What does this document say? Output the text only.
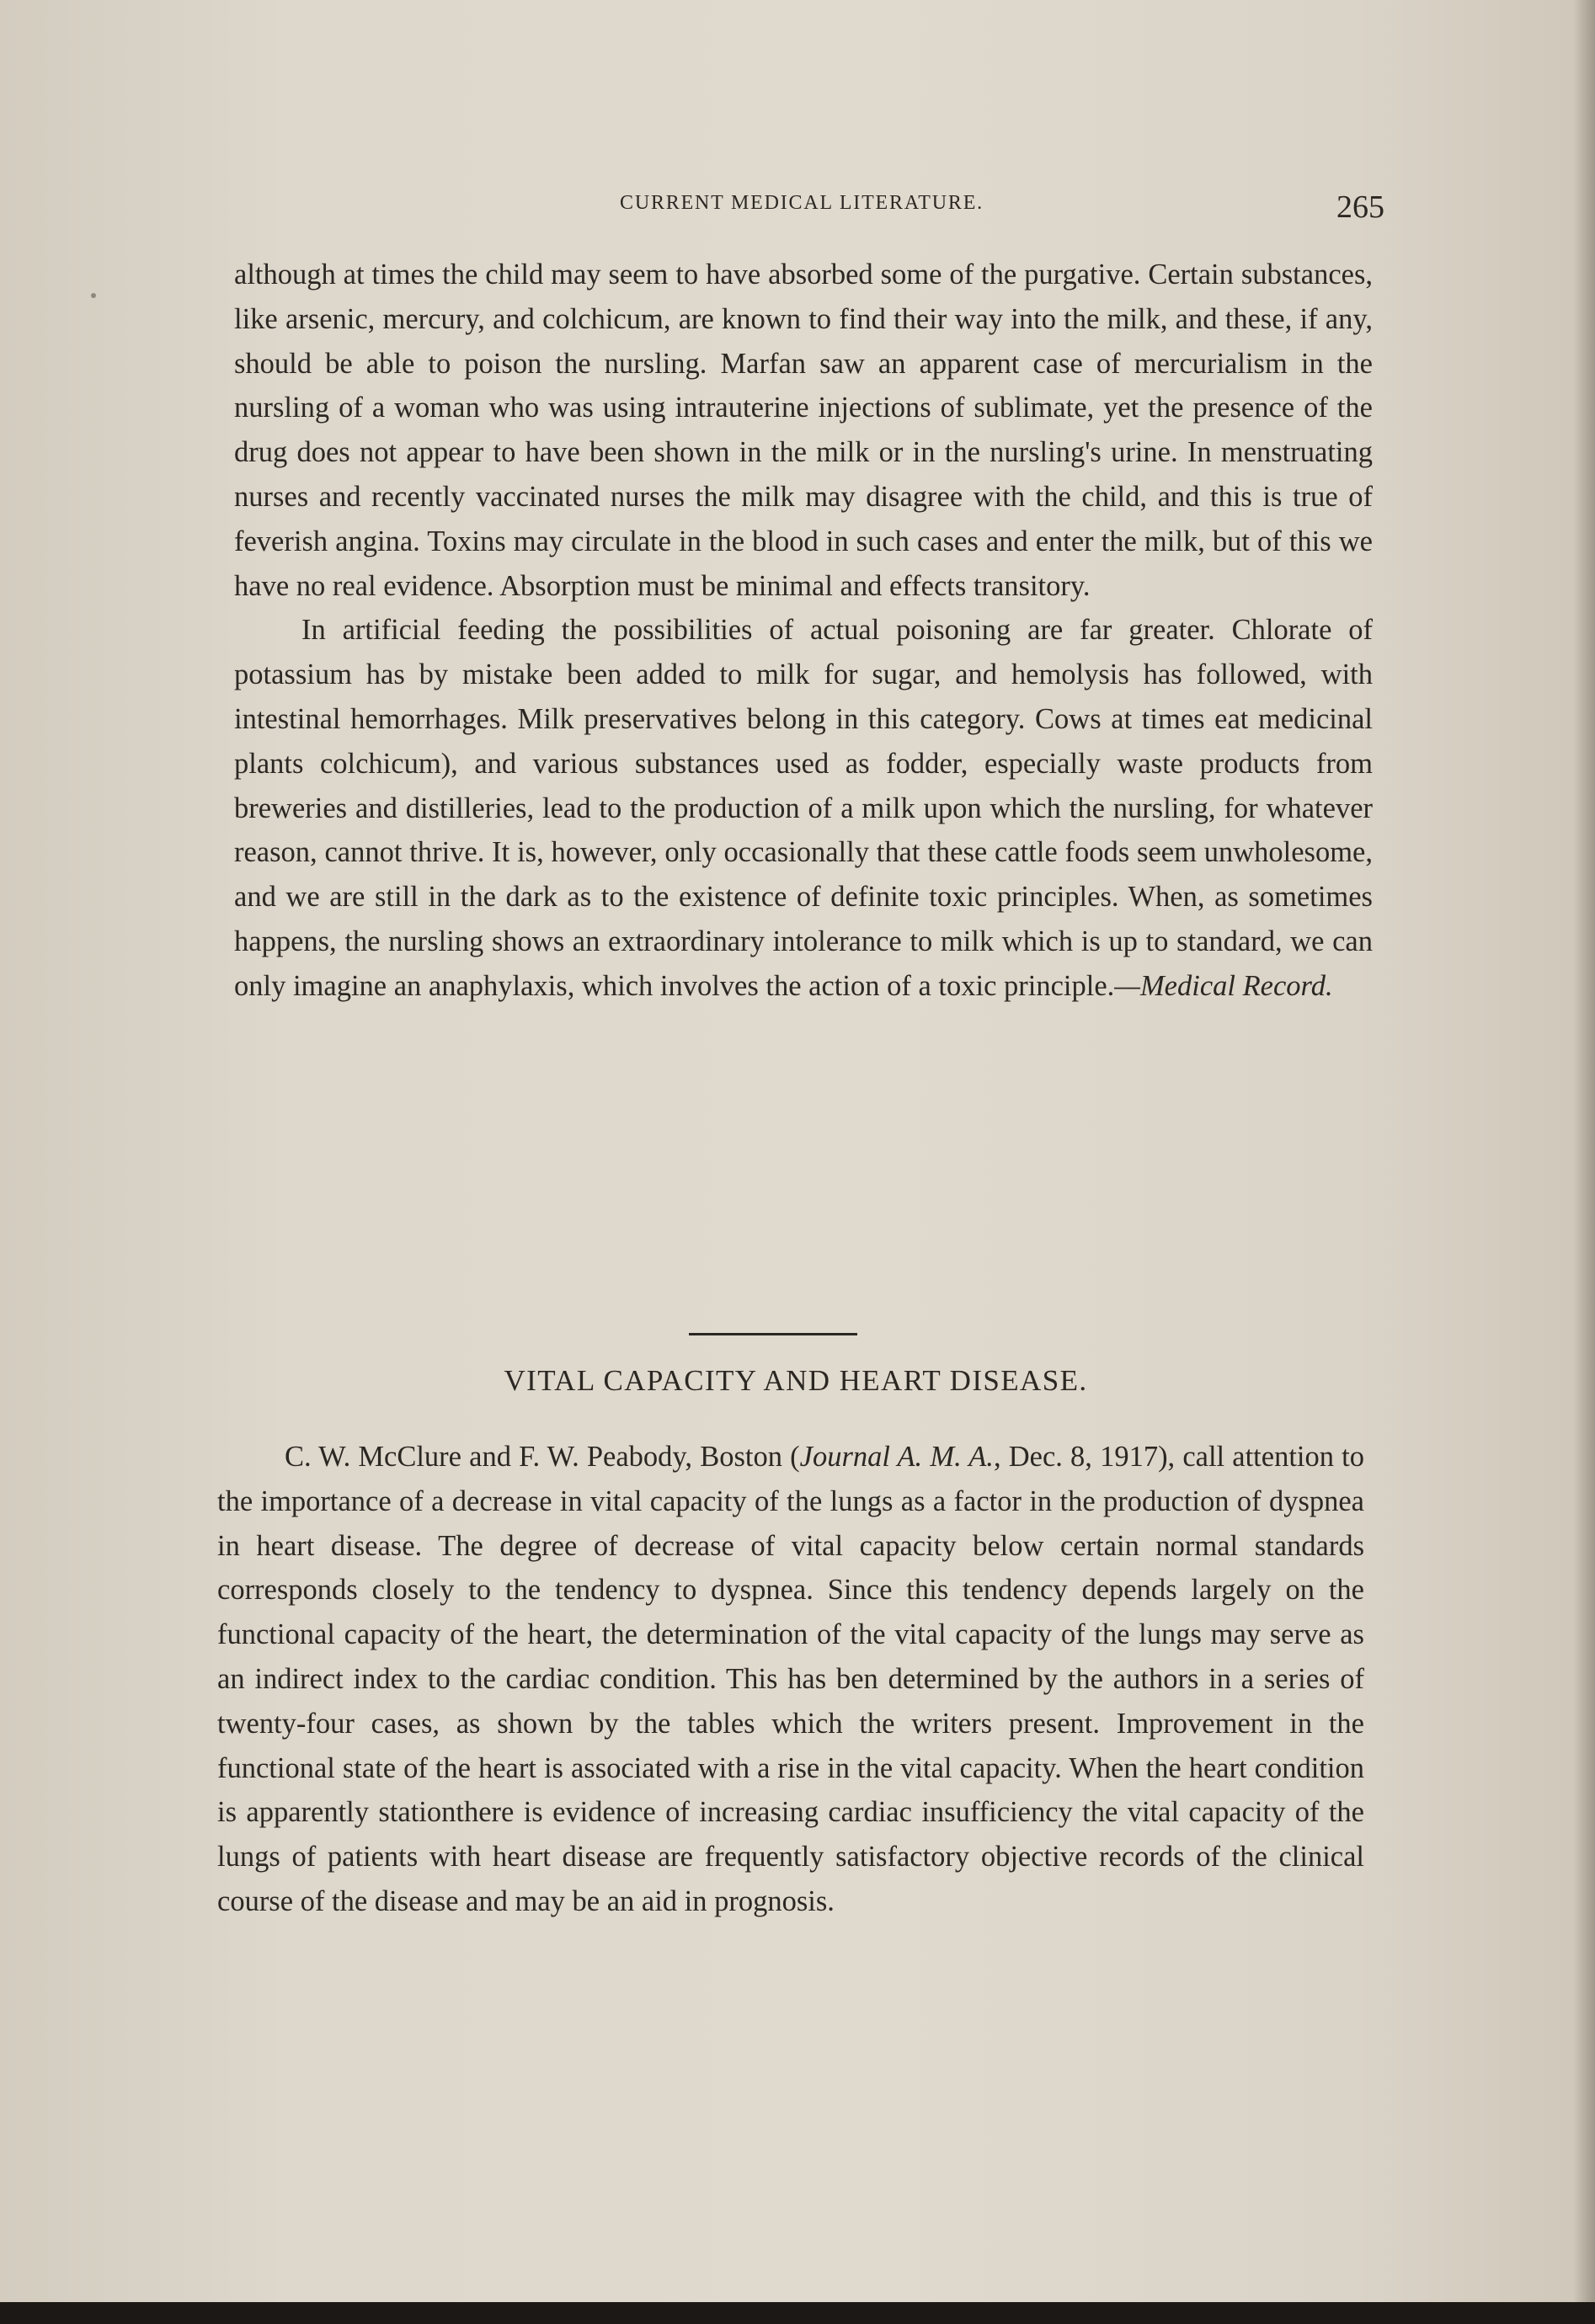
CURRENT MEDICAL LITERATURE.	265

although at times the child may seem to have absorbed some of the purgative. Certain substances, like arsenic, mercury, and colchicum, are known to find their way into the milk, and these, if any, should be able to poison the nursling. Marfan saw an apparent case of mercurialism in the nursling of a woman who was using intrauterine injections of sublimate, yet the presence of the drug does not appear to have been shown in the milk or in the nursling's urine. In menstruating nurses and recently vaccinated nurses the milk may disagree with the child, and this is true of feverish angina. Toxins may circulate in the blood in such cases and enter the milk, but of this we have no real evidence. Absorption must be minimal and effects transitory.

In artificial feeding the possibilities of actual poisoning are far greater. Chlorate of potassium has by mistake been added to milk for sugar, and hemolysis has followed, with intestinal hemorrhages. Milk preservatives belong in this category. Cows at times eat medicinal plants colchicum), and various substances used as fodder, especially waste products from breweries and distilleries, lead to the production of a milk upon which the nursling, for whatever reason, cannot thrive. It is, however, only occasionally that these cattle foods seem unwholesome, and we are still in the dark as to the existence of definite toxic principles. When, as sometimes happens, the nursling shows an extraordinary intolerance to milk which is up to standard, we can only imagine an anaphylaxis, which involves the action of a toxic principle.—Medical Record.

VITAL CAPACITY AND HEART DISEASE.

C. W. McClure and F. W. Peabody, Boston (Journal A. M. A., Dec. 8, 1917), call attention to the importance of a decrease in vital capacity of the lungs as a factor in the production of dyspnea in heart disease. The degree of decrease of vital capacity below certain normal standards corresponds closely to the tendency to dyspnea. Since this tendency depends largely on the functional capacity of the heart, the determination of the vital capacity of the lungs may serve as an indirect index to the cardiac condition. This has ben determined by the authors in a series of twenty-four cases, as shown by the tables which the writers present. Improvement in the functional state of the heart is associated with a rise in the vital capacity. When the heart condition is apparently stationthere is evidence of increasing cardiac insufficiency the vital capacity of the lungs of patients with heart disease are frequently satisfactory objective records of the clinical course of the disease and may be an aid in prognosis.
